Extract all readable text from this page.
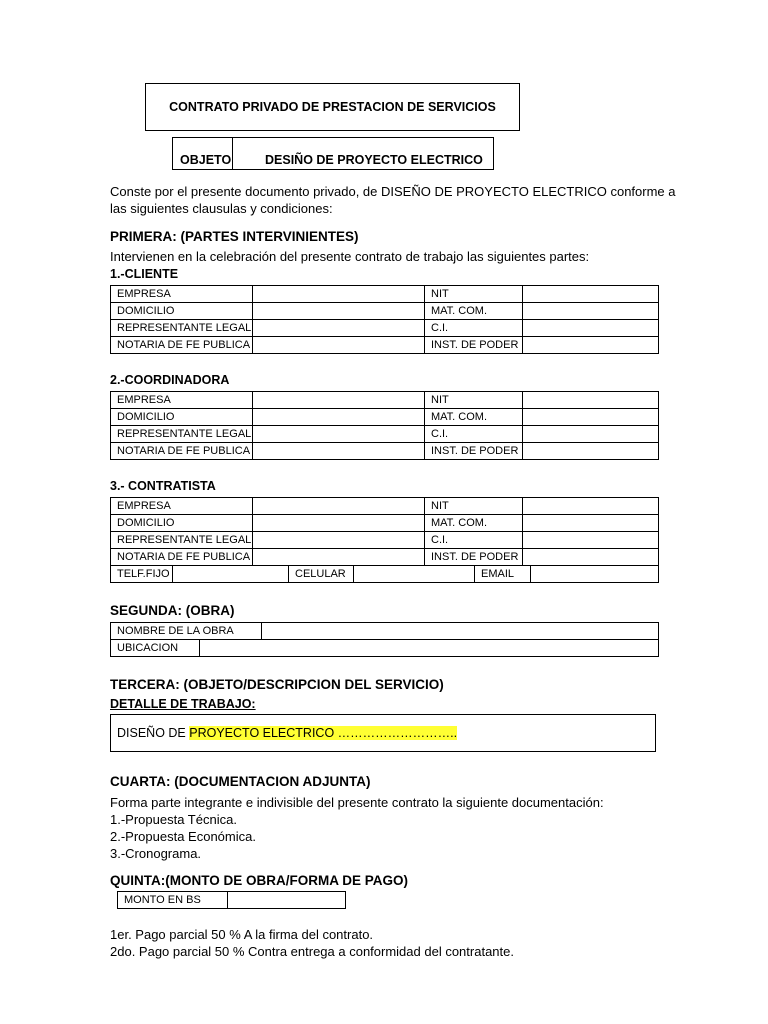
CONTRATO PRIVADO DE PRESTACION DE SERVICIOS
OBJETO	DESIÑO DE PROYECTO ELECTRICO
Conste por el presente documento privado, de DISEÑO DE PROYECTO ELECTRICO conforme a
las siguientes clausulas y condiciones:
PRIMERA: (PARTES INTERVINIENTES)
Intervienen en la celebración del presente contrato de trabajo las siguientes partes:
1.-CLIENTE
EMPRESA		NIT	
DOMICILIO		MAT. COM.	
REPRESENTANTE LEGAL		C.I.	
NOTARIA DE FE PUBLICA		INST. DE PODER	
2.-COORDINADORA
EMPRESA		NIT	
DOMICILIO		MAT. COM.	
REPRESENTANTE LEGAL		C.I.	
NOTARIA DE FE PUBLICA		INST. DE PODER	
3.- CONTRATISTA
EMPRESA		NIT	
DOMICILIO		MAT. COM.	
REPRESENTANTE LEGAL		C.I.	
NOTARIA DE FE PUBLICA		INST. DE PODER	
TELF.FIJO		CELULAR		EMAIL	
SEGUNDA: (OBRA)
NOMBRE DE LA OBRA	
UBICACION	
TERCERA: (OBJETO/DESCRIPCION DEL SERVICIO)
DETALLE DE TRABAJO:
DISEÑO DE PROYECTO ELECTRICO ………………………..
CUARTA: (DOCUMENTACION ADJUNTA)
Forma parte integrante e indivisible del presente contrato la siguiente documentación:
1.-Propuesta Técnica.
2.-Propuesta Económica.
3.-Cronograma.
QUINTA:(MONTO DE OBRA/FORMA DE PAGO)
MONTO EN BS	
1er. Pago parcial 50 % A la firma del contrato.
2do. Pago parcial 50 % Contra entrega a conformidad del contratante.
